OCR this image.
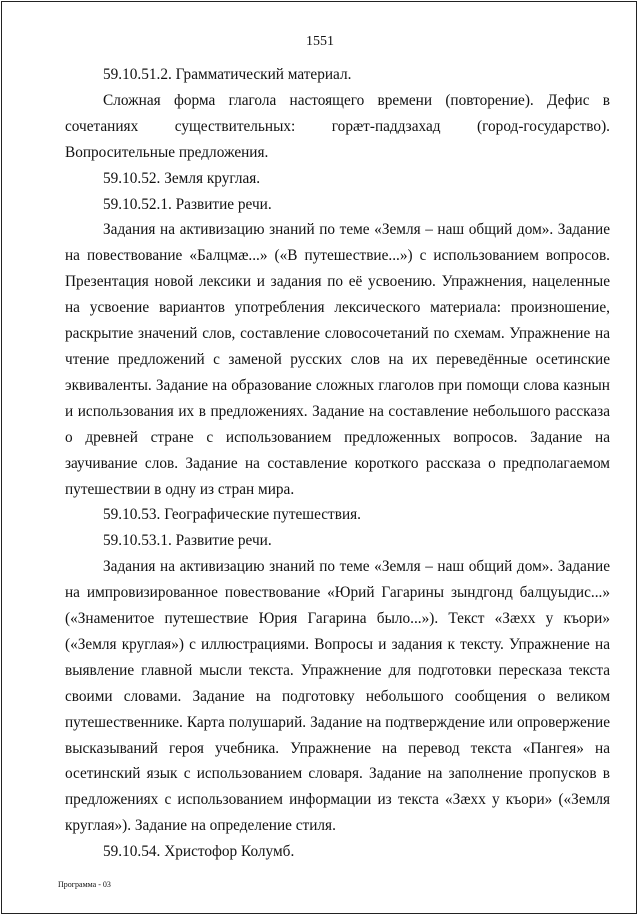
1551

59.10.51.2. Грамматический материал.

Сложная форма глагола настоящего времени (повторение). Дефис в сочетаниях существительных: горæт-паддзахад (город-государство). Вопросительные предложения.

59.10.52. Земля круглая.

59.10.52.1. Развитие речи.

Задания на активизацию знаний по теме «Земля – наш общий дом». Задание на повествование «Балцмæ...» («В путешествие...») с использованием вопросов. Презентация новой лексики и задания по её усвоению. Упражнения, нацеленные на усвоение вариантов употребления лексического материала: произношение, раскрытие значений слов, составление словосочетаний по схемам. Упражнение на чтение предложений с заменой русских слов на их переведённые осетинские эквиваленты. Задание на образование сложных глаголов при помощи слова казнын и использования их в предложениях. Задание на составление небольшого рассказа о древней стране с использованием предложенных вопросов. Задание на заучивание слов. Задание на составление короткого рассказа о предполагаемом путешествии в одну из стран мира.

59.10.53. Географические путешествия.

59.10.53.1. Развитие речи.

Задания на активизацию знаний по теме «Земля – наш общий дом». Задание на импровизированное повествование «Юрий Гагарины зындгонд балцуыдис...» («Знаменитое путешествие Юрия Гагарина было...»). Текст «Зæхх у къори» («Земля круглая») с иллюстрациями. Вопросы и задания к тексту. Упражнение на выявление главной мысли текста. Упражнение для подготовки пересказа текста своими словами. Задание на подготовку небольшого сообщения о великом путешественнике. Карта полушарий. Задание на подтверждение или опровержение высказываний героя учебника. Упражнение на перевод текста «Пангея» на осетинский язык с использованием словаря. Задание на заполнение пропусков в предложениях с использованием информации из текста «Зæхх у къори» («Земля круглая»). Задание на определение стиля.

59.10.54. Христофор Колумб.

Программа - 03
